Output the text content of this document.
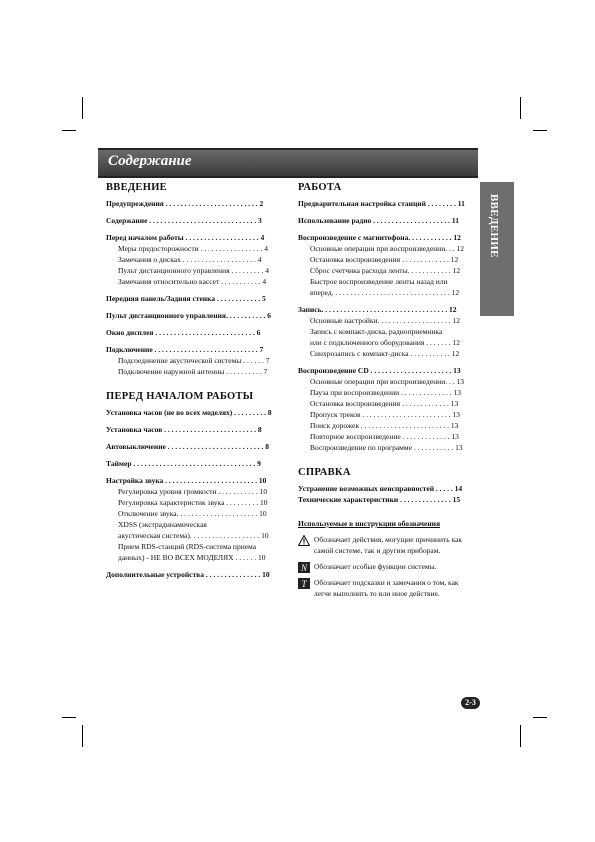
Содержание
ВВЕДЕНИЕ
ВВЕДЕНИЕ
Предупреждения . . . . . . . . . . . . . . . . . . . . . . . . . 2
Содержание . . . . . . . . . . . . . . . . . . . . . . . . . . . . . 3
Перед началом работы . . . . . . . . . . . . . . . . . . . . 4
Меры предосторожности . . . . . . . . . . . . . . . . . 4
Замечания о дисках . . . . . . . . . . . . . . . . . . . . 4
Пульт дистанционного управления . . . . . . . . . 4
Замечания относительно кассет . . . . . . . . . . . 4
Передняя панель/Задняя стенка . . . . . . . . . . . . 5
Пульт дистанционного управления. . . . . . . . . . . 6
Окно дисплея . . . . . . . . . . . . . . . . . . . . . . . . . . . 6
Подключение . . . . . . . . . . . . . . . . . . . . . . . . . . . . 7
Подсоединение акустической системы . . . . . . 7
Подключение наружной антенны . . . . . . . . . . 7
ПЕРЕД НАЧАЛОМ РАБОТЫ
Установка часов (не во всех моделях) . . . . . . . . . 8
Установка часов . . . . . . . . . . . . . . . . . . . . . . . . . 8
Автовыключение . . . . . . . . . . . . . . . . . . . . . . . . . . 8
Таймер . . . . . . . . . . . . . . . . . . . . . . . . . . . . . . . . . 9
Настройка звука . . . . . . . . . . . . . . . . . . . . . . . . . 10
Регулировка уровня громкости . . . . . . . . . . . 10
Регулировка характеристик звука . . . . . . . . . 10
Отключение звука. . . . . . . . . . . . . . . . . . . . . . 10
XDSS (экстрадинамическая
акустическая система). . . . . . . . . . . . . . . . . . . 10
Прием RDS-станций (RDS-система приема
данных) - НЕ ВО ВСЕХ МОДЕЛЯХ . . . . . . 10
Дополнительные устройства . . . . . . . . . . . . . . . 10
РАБОТА
Предварительная настройка станций . . . . . . . . 11
Использование радио . . . . . . . . . . . . . . . . . . . . . 11
Воспроизведение с магнитофона. . . . . . . . . . . . 12
Основные операции при воспроизведении. . . 12
Остановка воспроизведения . . . . . . . . . . . . . 12
Сброс счетчика расхода ленты. . . . . . . . . . . . 12
Быстрое воспроизведение ленты назад или
вперед. . . . . . . . . . . . . . . . . . . . . . . . . . . . . . . . 12
Запись. . . . . . . . . . . . . . . . . . . . . . . . . . . . . . . . . . 12
Основные настройки. . . . . . . . . . . . . . . . . . . . 12
Запись с компакт-диска, радиоприемника
или с подключенного оборудования . . . . . . . 12
Синхрозапись с компакт-диска . . . . . . . . . . . 12
Воспроизведение CD . . . . . . . . . . . . . . . . . . . . . . 13
Основные операции при воспроизведении. . . 13
Пауза при воспроизведении . . . . . . . . . . . . . . 13
Остановка воспроизведения . . . . . . . . . . . . . 13
Пропуск треков . . . . . . . . . . . . . . . . . . . . . . . . 13
Поиск дорожек . . . . . . . . . . . . . . . . . . . . . . . . 13
Повторное воспроизведение . . . . . . . . . . . . . 13
Воспроизведение по программе . . . . . . . . . . . 13
СПРАВКА
Устранение возможных неисправностей . . . . . 14
Технические характеристики . . . . . . . . . . . . . . 15
Используемые в инструкции обозначения
Обозначает действия, могущие причинить как самой системе, так и другим приборам.
N Обозначает особые функции системы.
T Обозначает подсказки и замечания о том, как легче выполнить то или иное действие.
2-3
